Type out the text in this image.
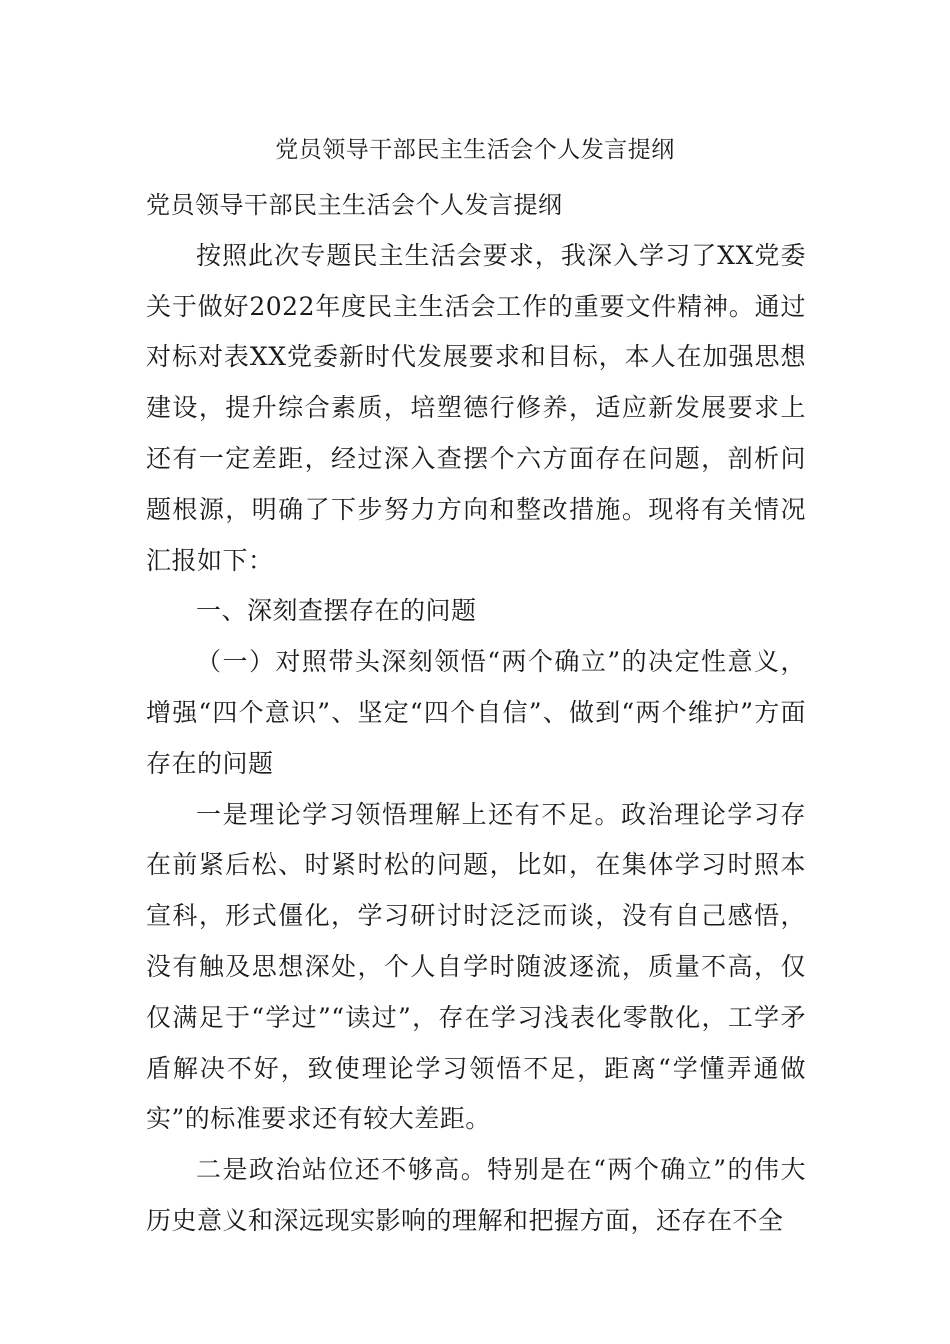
党员领导干部民主生活会个人发言提纲

党员领导干部民主生活会个人发言提纲

按照此次专题民主生活会要求，我深入学习了XX党委关于做好2022年度民主生活会工作的重要文件精神。通过对标对表XX党委新时代发展要求和目标，本人在加强思想建设，提升综合素质，培塑德行修养，适应新发展要求上还有一定差距，经过深入查摆个六方面存在问题，剖析问题根源，明确了下步努力方向和整改措施。现将有关情况汇报如下：

一、深刻查摆存在的问题

（一）对照带头深刻领悟“两个确立”的决定性意义，增强“四个意识”、坚定“四个自信”、做到“两个维护”方面存在的问题

一是理论学习领悟理解上还有不足。政治理论学习存在前紧后松、时紧时松的问题，比如，在集体学习时照本宣科，形式僵化，学习研讨时泛泛而谈，没有自己感悟，没有触及思想深处，个人自学时随波逐流，质量不高，仅仅满足于“学过”“读过”，存在学习浅表化零散化，工学矛盾解决不好，致使理论学习领悟不足，距离“学懂弄通做实”的标准要求还有较大差距。

二是政治站位还不够高。特别是在“两个确立”的伟大历史意义和深远现实影响的理解和把握方面，还存在不全
